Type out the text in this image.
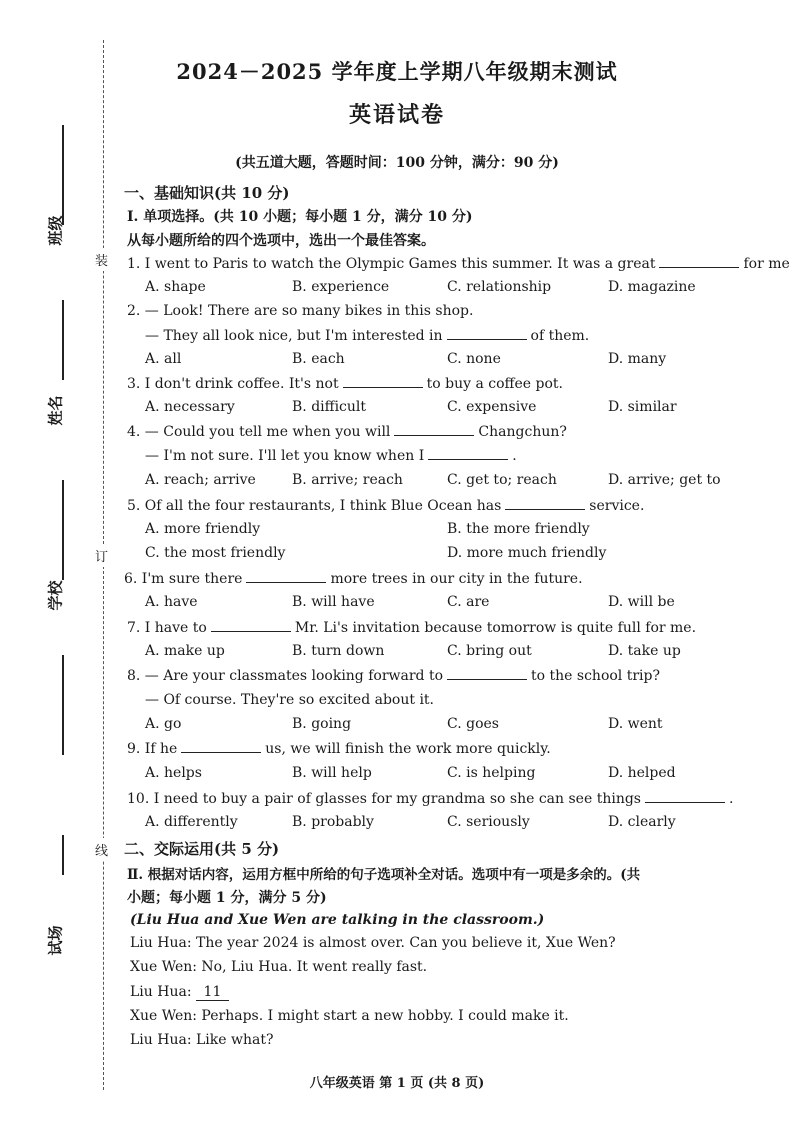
班级
姓名
学校
试场
装
订
线
2024－2025 学年度上学期八年级期末测试
英语试卷
(共五道大题，答题时间：100 分钟，满分：90 分)
一、基础知识(共 10 分)
I. 单项选择。(共 10 小题；每小题 1 分，满分 10 分)
从每小题所给的四个选项中，选出一个最佳答案。
1. I went to Paris to watch the Olympic Games this summer. It was a great	for me
A. shape	B. experience	C. relationship	D. magazine
2. — Look! There are so many bikes in this shop.
— They all look nice, but I'm interested in	of them.
A. all	B. each	C. none	D. many
3. I don't drink coffee. It's not	to buy a coffee pot.
A. necessary	B. difficult	C. expensive	D. similar
4. — Could you tell me when you will	Changchun?
— I'm not sure. I'll let you know when I	.
A. reach; arrive	B. arrive; reach	C. get to; reach	D. arrive; get to
5. Of all the four restaurants, I think Blue Ocean has	service.
A. more friendly	B. the more friendly
C. the most friendly	D. more much friendly
6. I'm sure there	more trees in our city in the future.
A. have	B. will have	C. are	D. will be
7. I have to	Mr. Li's invitation because tomorrow is quite full for me.
A. make up	B. turn down	C. bring out	D. take up
8. — Are your classmates looking forward to	to the school trip?
— Of course. They're so excited about it.
A. go	B. going	C. goes	D. went
9. If he	us, we will finish the work more quickly.
A. helps	B. will help	C. is helping	D. helped
10. I need to buy a pair of glasses for my grandma so she can see things	.
A. differently	B. probably	C. seriously	D. clearly
二、交际运用(共 5 分)
Ⅱ. 根据对话内容，运用方框中所给的句子选项补全对话。选项中有一项是多余的。(共
小题；每小题 1 分，满分 5 分)
(Liu Hua and Xue Wen are talking in the classroom.)
Liu Hua: The year 2024 is almost over. Can you believe it, Xue Wen?
Xue Wen: No, Liu Hua. It went really fast.
Liu Hua: 11
Xue Wen: Perhaps. I might start a new hobby. I could make it.
Liu Hua: Like what?
八年级英语 第 1 页 (共 8 页)
